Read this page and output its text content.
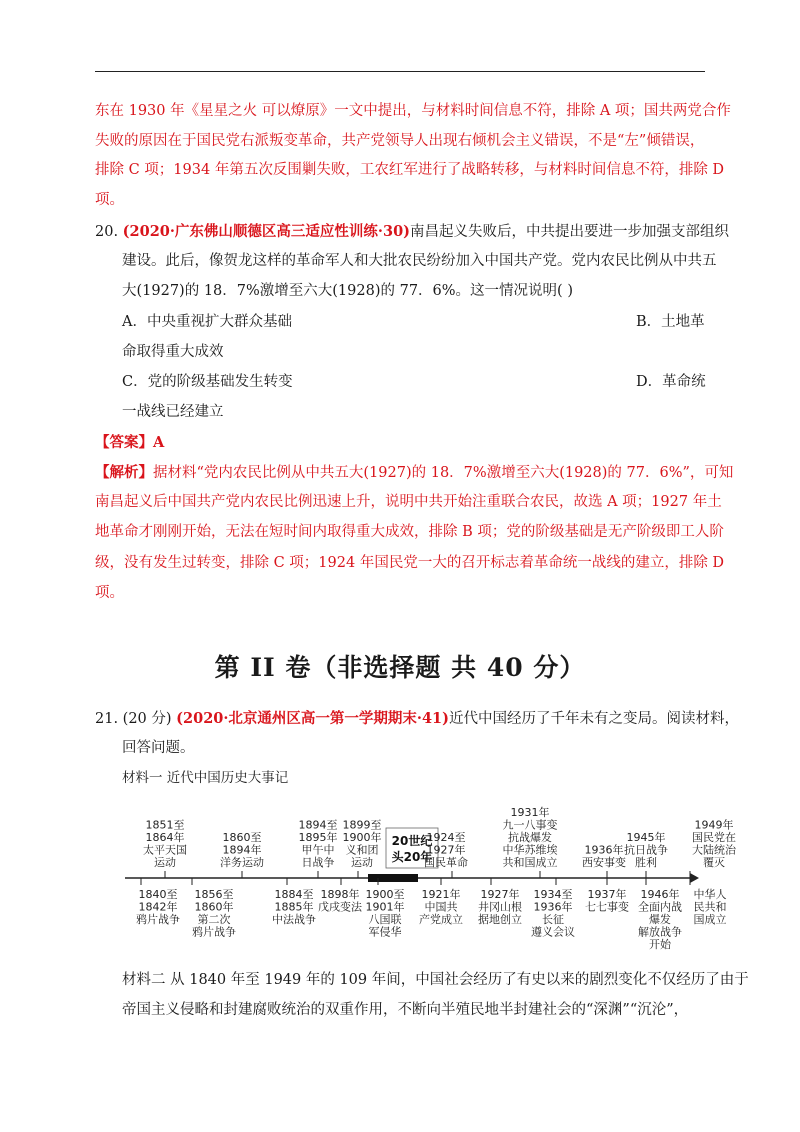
东在 1930 年《星星之火 可以燎原》一文中提出，与材料时间信息不符，排除 A 项；国共两党合作
失败的原因在于国民党右派叛变革命，共产党领导人出现右倾机会主义错误，不是“左”倾错误，
排除 C 项；1934 年第五次反围剿失败，工农红军进行了战略转移，与材料时间信息不符，排除 D
项。
20. (2020·广东佛山顺德区高三适应性训练·30)南昌起义失败后，中共提出要进一步加强支部组织
建设。此后，像贺龙这样的革命军人和大批农民纷纷加入中国共产党。党内农民比例从中共五
大(1927)的 18．7%激增至六大(1928)的 77．6%。这一情况说明( )
A．中央重视扩大群众基础	B．土地革
命取得重大成效
C．党的阶级基础发生转变	D．革命统
一战线已经建立
【答案】A
【解析】据材料“党内农民比例从中共五大(1927)的 18．7%激增至六大(1928)的 77．6%”，可知
南昌起义后中国共产党内农民比例迅速上升，说明中共开始注重联合农民，故选 A 项；1927 年土
地革命才刚刚开始，无法在短时间内取得重大成效，排除 B 项；党的阶级基础是无产阶级即工人阶
级，没有发生过转变，排除 C 项；1924 年国民党一大的召开标志着革命统一战线的建立，排除 D
项。
第 II 卷（非选择题 共 40 分）
21. (20 分) (2020·北京通州区高一第一学期期末·41)近代中国经历了千年未有之变局。阅读材料，
回答问题。
材料一 近代中国历史大事记
20世纪
头20年
1851至
1864年
太平天国
运动
1860至
1894年
洋务运动
1894至
1895年
甲午中
日战争
1899至
1900年
义和团
运动
1924至
1927年
国民革命
1931年
九一八事变
抗战爆发
中华苏维埃
共和国成立
1936年
西安事变
1945年
抗日战争
胜利
1949年
国民党在
大陆统治
覆灭
1840至
1842年
鸦片战争
1856至
1860年
第二次
鸦片战争
1884至
1885年
中法战争
1898年
戊戌变法
1900至
1901年
八国联
军侵华
1921年
中国共
产党成立
1927年
井冈山根
据地创立
1934至
1936年
长征
遵义会议
1937年
七七事变
1946年
全面内战
爆发
解放战争
开始
中华人
民共和
国成立
材料二 从 1840 年至 1949 年的 109 年间，中国社会经历了有史以来的剧烈变化不仅经历了由于
帝国主义侵略和封建腐败统治的双重作用，不断向半殖民地半封建社会的“深渊”“沉沦”，
